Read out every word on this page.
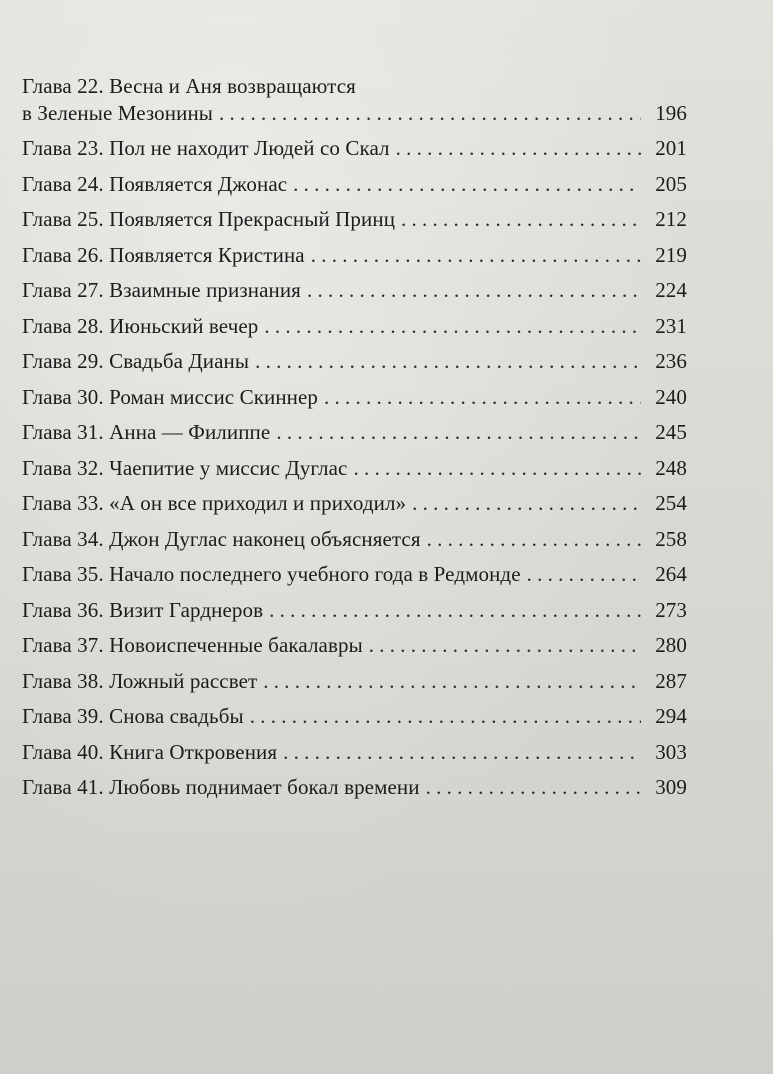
Глава 22. Весна и Аня возвращаются
в Зеленые Мезонины . . .	196
Глава 23. Пол не находит Людей со Скал . . .	201
Глава 24. Появляется Джонас . . .	205
Глава 25. Появляется Прекрасный Принц . . .	212
Глава 26. Появляется Кристина . . .	219
Глава 27. Взаимные признания . . .	224
Глава 28. Июньский вечер . . .	231
Глава 29. Свадьба Дианы . . .	236
Глава 30. Роман миссис Скиннер . . .	240
Глава 31. Анна — Филиппе . . .	245
Глава 32. Чаепитие у миссис Дуглас . . .	248
Глава 33. «А он все приходил и приходил» . . .	254
Глава 34. Джон Дуглас наконец объясняется . . .	258
Глава 35. Начало последнего учебного года в Редмонде . . .	264
Глава 36. Визит Гарднеров . . .	273
Глава 37. Новоиспеченные бакалавры . . .	280
Глава 38. Ложный рассвет . . .	287
Глава 39. Снова свадьбы . . .	294
Глава 40. Книга Откровения . . .	303
Глава 41. Любовь поднимает бокал времени . . .	309
